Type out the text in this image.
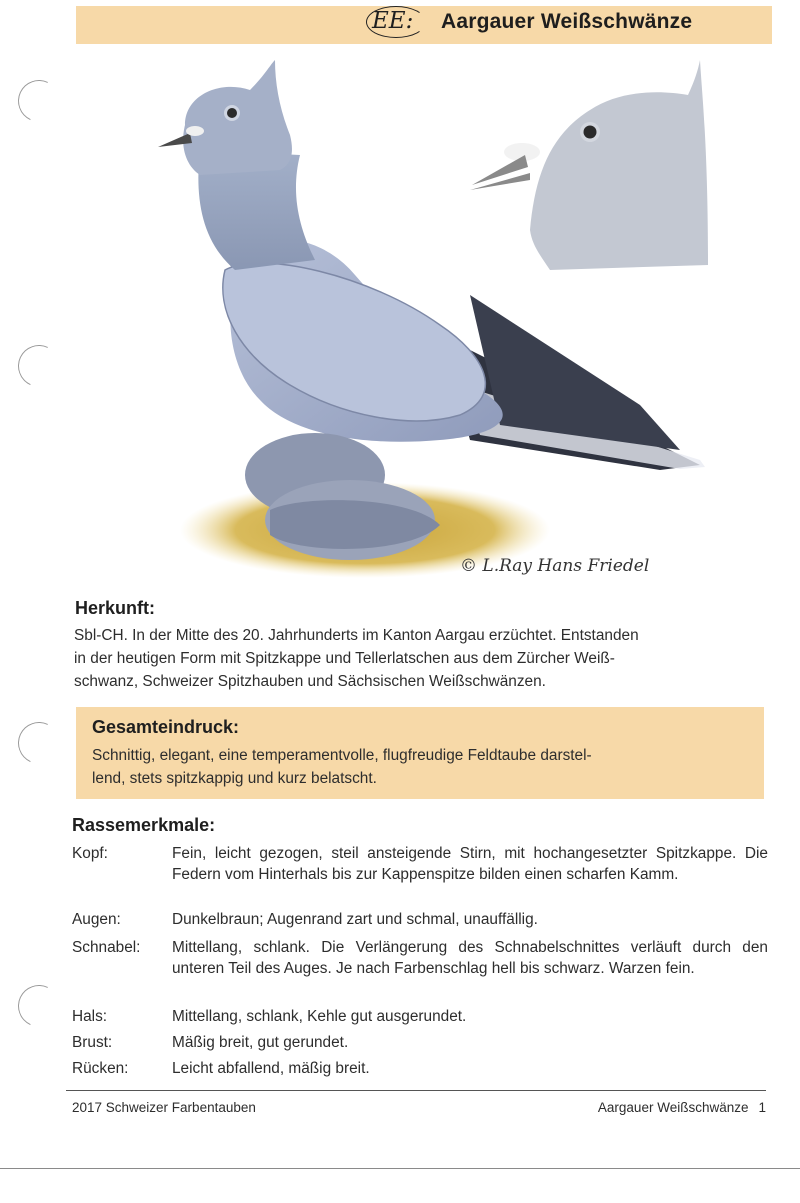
EE: Aargauer Weißschwänze
© L.Ray Hans Friedel
Herkunft:
Sbl-CH. In der Mitte des 20. Jahrhunderts im Kanton Aargau erzüchtet. Entstanden
in der heutigen Form mit Spitzkappe und Tellerlatschen aus dem Zürcher Weiß-
schwanz, Schweizer Spitzhauben und Sächsischen Weißschwänzen.
Gesamteindruck:
Schnittig, elegant, eine temperamentvolle, flugfreudige Feldtaube darstel-
lend, stets spitzkappig und kurz belatscht.
Rassemerkmale:
Kopf:	Fein, leicht gezogen, steil ansteigende Stirn, mit hochangesetzter Spitzkappe. Die Federn vom Hinterhals bis zur Kappenspitze bilden einen scharfen Kamm.
Augen:	Dunkelbraun; Augenrand zart und schmal, unauffällig.
Schnabel:	Mittellang, schlank. Die Verlängerung des Schnabelschnittes verläuft durch den unteren Teil des Auges. Je nach Farbenschlag hell bis schwarz. Warzen fein.
Hals:	Mittellang, schlank, Kehle gut ausgerundet.
Brust:	Mäßig breit, gut gerundet.
Rücken:	Leicht abfallend, mäßig breit.
2017 Schweizer Farbentauben	Aargauer Weißschwänze 1
